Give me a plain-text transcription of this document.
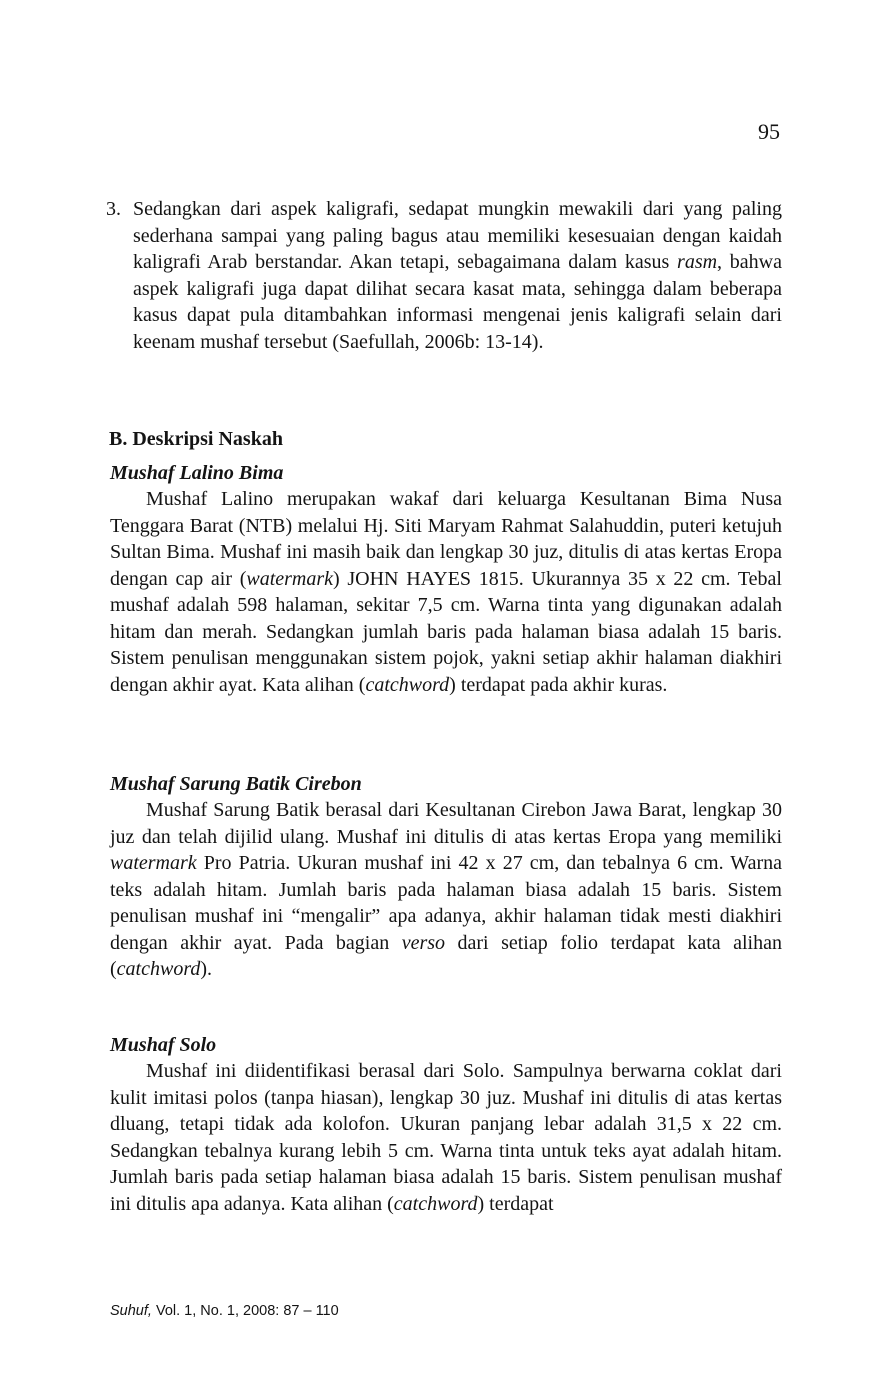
95
3. Sedangkan dari aspek kaligrafi, sedapat mungkin mewakili dari yang paling sederhana sampai yang paling bagus atau memiliki kesesuaian dengan kaidah kaligrafi Arab berstandar. Akan tetapi, sebagaimana dalam kasus rasm, bahwa aspek kaligrafi juga dapat dilihat secara kasat mata, sehingga dalam beberapa kasus dapat pula ditambahkan informasi mengenai jenis kaligrafi selain dari keenam mushaf tersebut (Saefullah, 2006b: 13-14).
B. Deskripsi Naskah
Mushaf Lalino Bima
Mushaf Lalino merupakan wakaf dari keluarga Kesultanan Bima Nusa Tenggara Barat (NTB) melalui Hj. Siti Maryam Rahmat Salahuddin, puteri ketujuh Sultan Bima. Mushaf ini masih baik dan lengkap 30 juz, ditulis di atas kertas Eropa dengan cap air (watermark) JOHN HAYES 1815. Ukurannya 35 x 22 cm. Tebal mushaf adalah 598 halaman, sekitar 7,5 cm. Warna tinta yang digunakan adalah hitam dan merah. Sedangkan jumlah baris pada halaman biasa adalah 15 baris. Sistem penulisan menggunakan sistem pojok, yakni setiap akhir halaman diakhiri dengan akhir ayat. Kata alihan (catchword) terdapat pada akhir kuras.
Mushaf Sarung Batik Cirebon
Mushaf Sarung Batik berasal dari Kesultanan Cirebon Jawa Barat, lengkap 30 juz dan telah dijilid ulang. Mushaf ini ditulis di atas kertas Eropa yang memiliki watermark Pro Patria. Ukuran mushaf ini 42 x 27 cm, dan tebalnya 6 cm. Warna teks adalah hitam. Jumlah baris pada halaman biasa adalah 15 baris. Sistem penulisan mushaf ini “mengalir” apa adanya, akhir halaman tidak mesti diakhiri dengan akhir ayat. Pada bagian verso dari setiap folio terdapat kata alihan (catchword).
Mushaf Solo
Mushaf ini diidentifikasi berasal dari Solo. Sampulnya berwarna coklat dari kulit imitasi polos (tanpa hiasan), lengkap 30 juz. Mushaf ini ditulis di atas kertas dluang, tetapi tidak ada kolofon. Ukuran panjang lebar adalah 31,5 x 22 cm. Sedangkan tebalnya kurang lebih 5 cm. Warna tinta untuk teks ayat adalah hitam. Jumlah baris pada setiap halaman biasa adalah 15 baris. Sistem penulisan mushaf ini ditulis apa adanya. Kata alihan (catchword) terdapat
Suhuf, Vol. 1, No. 1, 2008: 87 – 110
